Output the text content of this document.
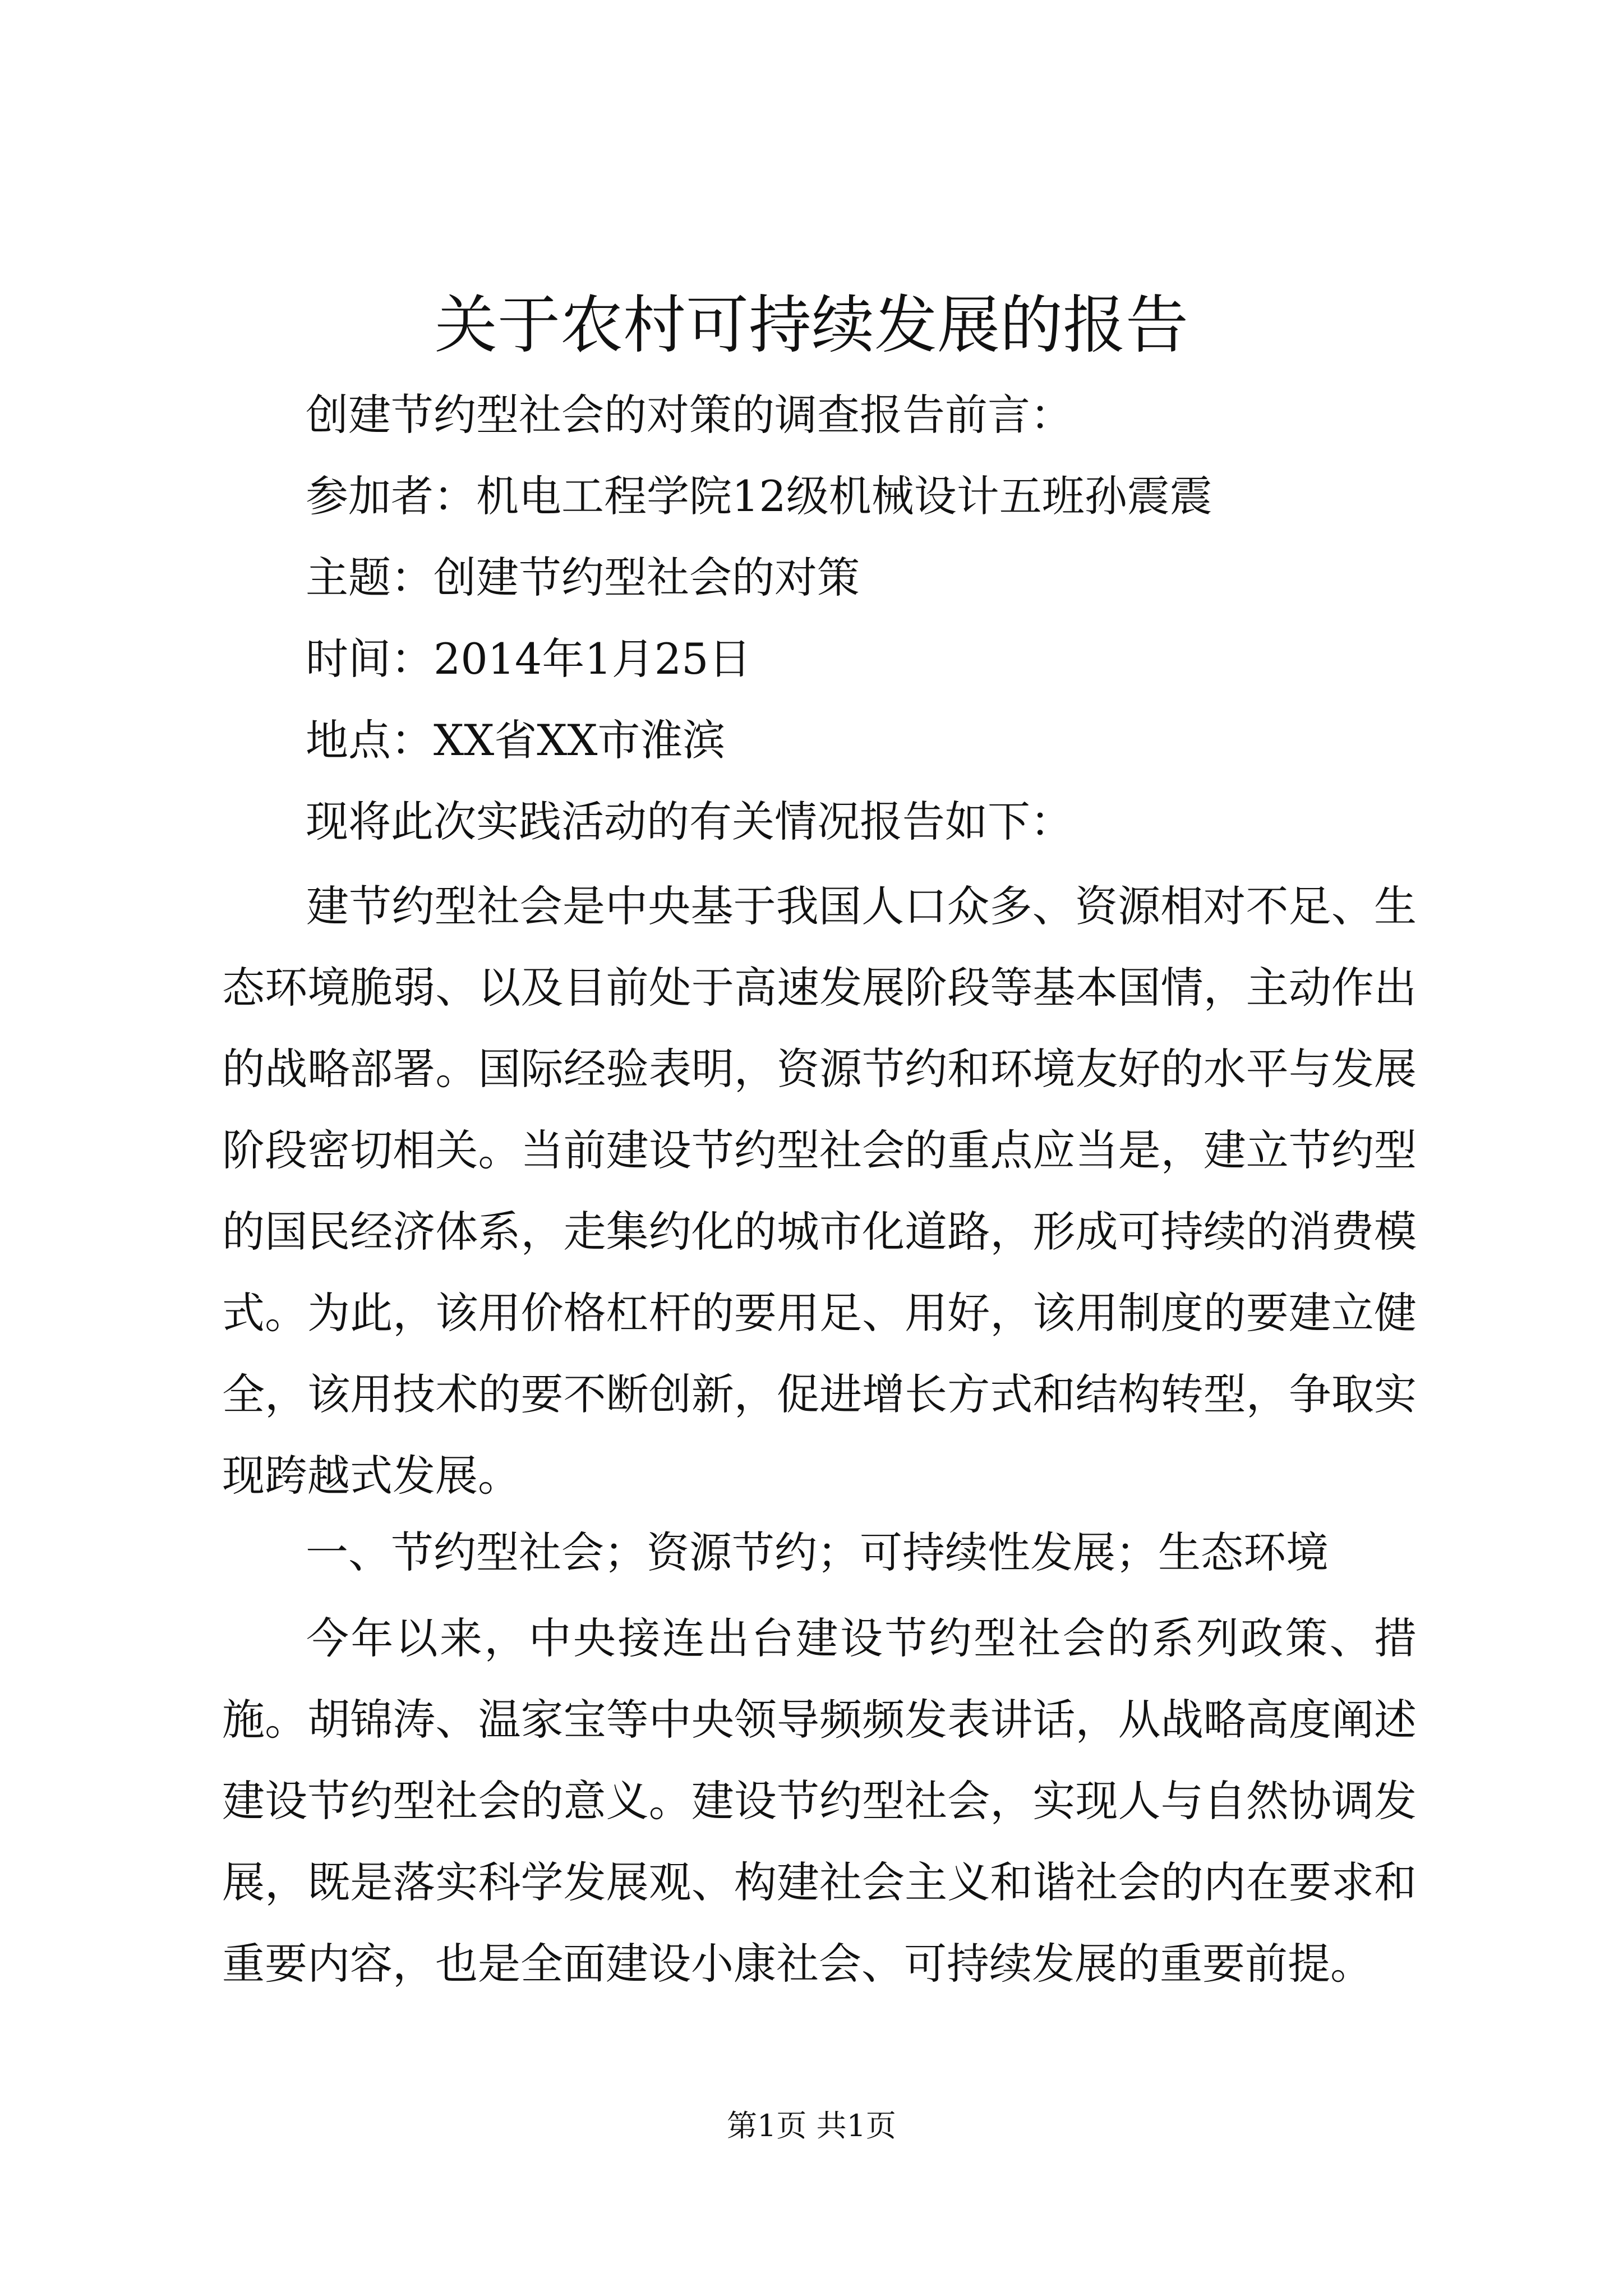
关于农村可持续发展的报告

创建节约型社会的对策的调查报告前言：

参加者：机电工程学院12级机械设计五班孙震震

主题：创建节约型社会的对策

时间：2014年1月25日

地点：XX省XX市淮滨

现将此次实践活动的有关情况报告如下：

建节约型社会是中央基于我国人口众多、资源相对不足、生态环境脆弱、以及目前处于高速发展阶段等基本国情，主动作出的战略部署。国际经验表明，资源节约和环境友好的水平与发展阶段密切相关。当前建设节约型社会的重点应当是，建立节约型的国民经济体系，走集约化的城市化道路，形成可持续的消费模式。为此，该用价格杠杆的要用足、用好，该用制度的要建立健全，该用技术的要不断创新，促进增长方式和结构转型，争取实现跨越式发展。

一、节约型社会；资源节约；可持续性发展；生态环境

今年以来，中央接连出台建设节约型社会的系列政策、措施。胡锦涛、温家宝等中央领导频频发表讲话，从战略高度阐述建设节约型社会的意义。建设节约型社会，实现人与自然协调发展，既是落实科学发展观、构建社会主义和谐社会的内在要求和重要内容，也是全面建设小康社会、可持续发展的重要前提。

第1页 共1页
